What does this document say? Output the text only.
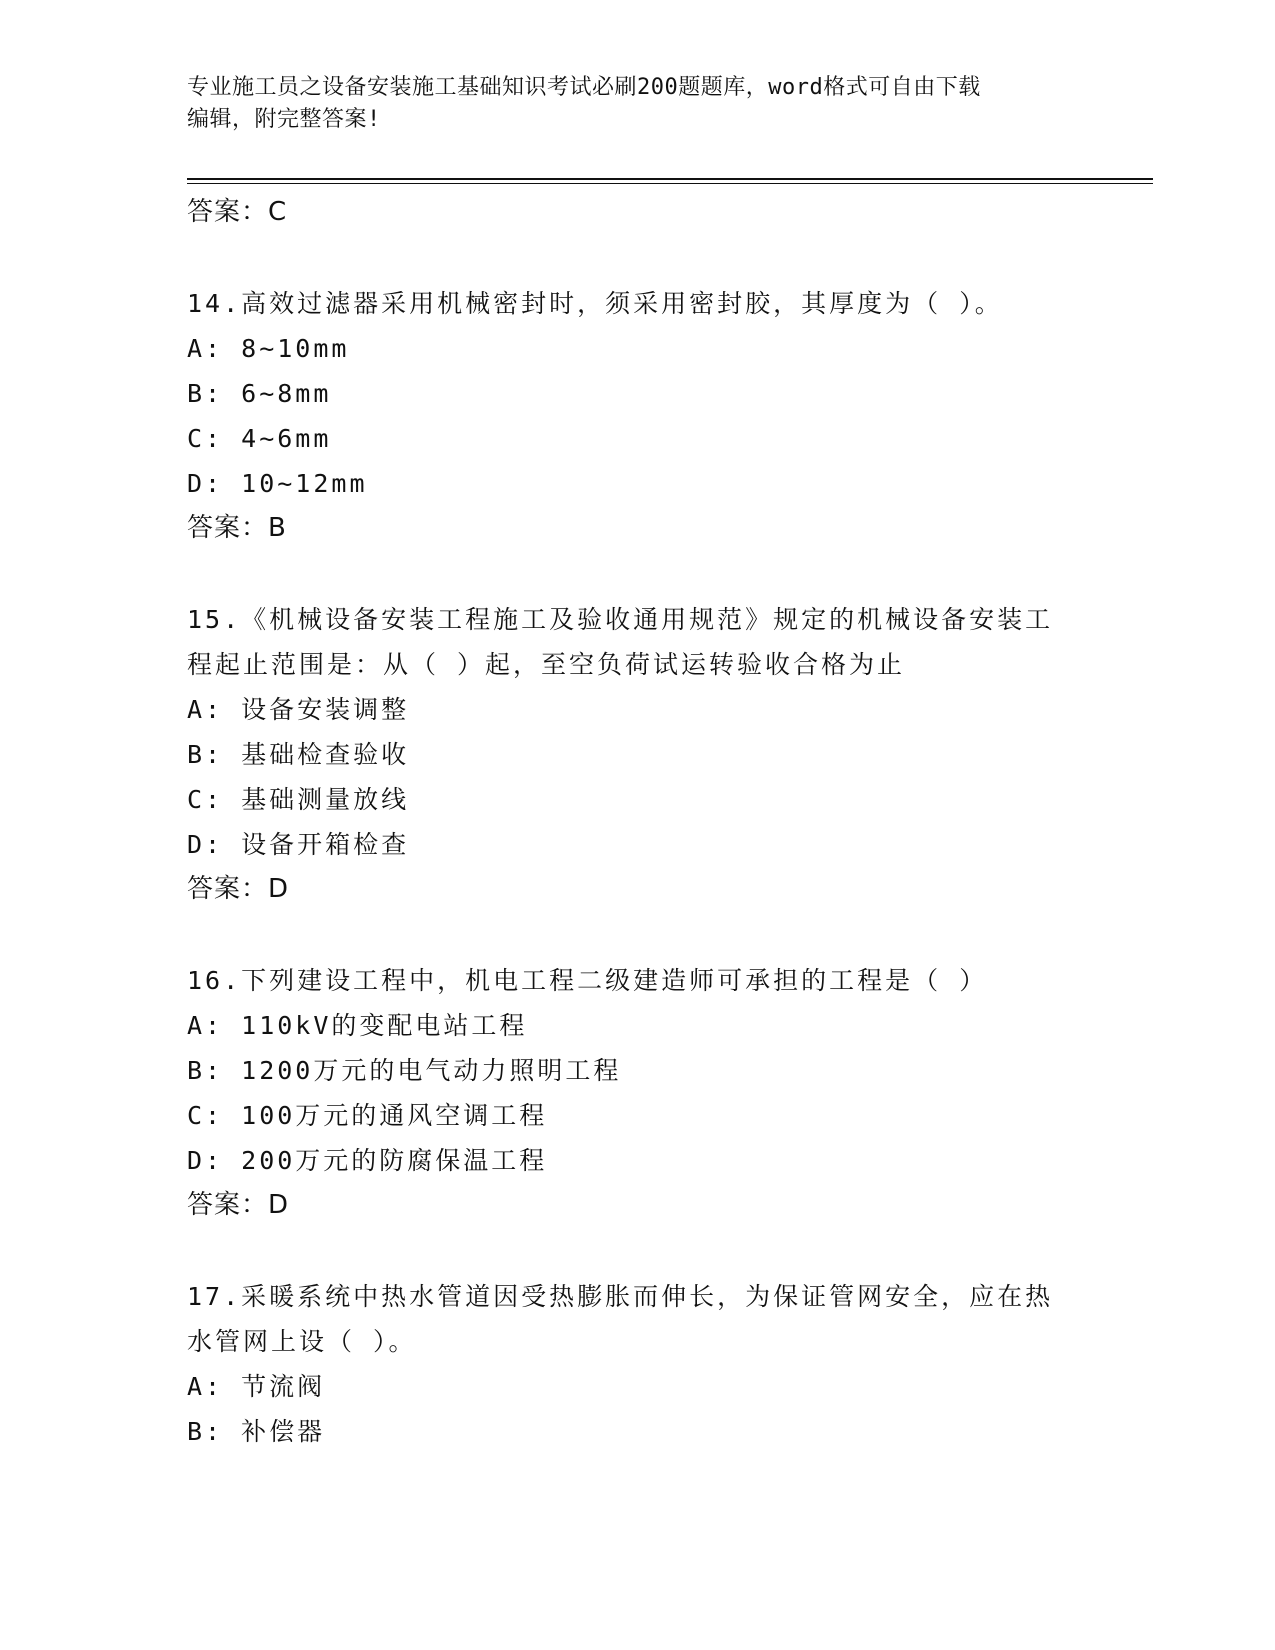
专业施工员之设备安装施工基础知识考试必刷200题题库，word格式可自由下载
编辑，附完整答案!
答案：C
14.高效过滤器采用机械密封时，须采用密封胶，其厚度为（ ）。
A: 8~10mm
B: 6~8mm
C: 4~6mm
D: 10~12mm
答案：B
15.《机械设备安装工程施工及验收通用规范》规定的机械设备安装工
程起止范围是：从（ ）起，至空负荷试运转验收合格为止
A: 设备安装调整
B: 基础检查验收
C: 基础测量放线
D: 设备开箱检查
答案：D
16.下列建设工程中，机电工程二级建造师可承担的工程是（ ）
A: 110kV的变配电站工程
B: 1200万元的电气动力照明工程
C: 100万元的通风空调工程
D: 200万元的防腐保温工程
答案：D
17.采暖系统中热水管道因受热膨胀而伸长，为保证管网安全，应在热
水管网上设（ ）。
A: 节流阀
B: 补偿器
